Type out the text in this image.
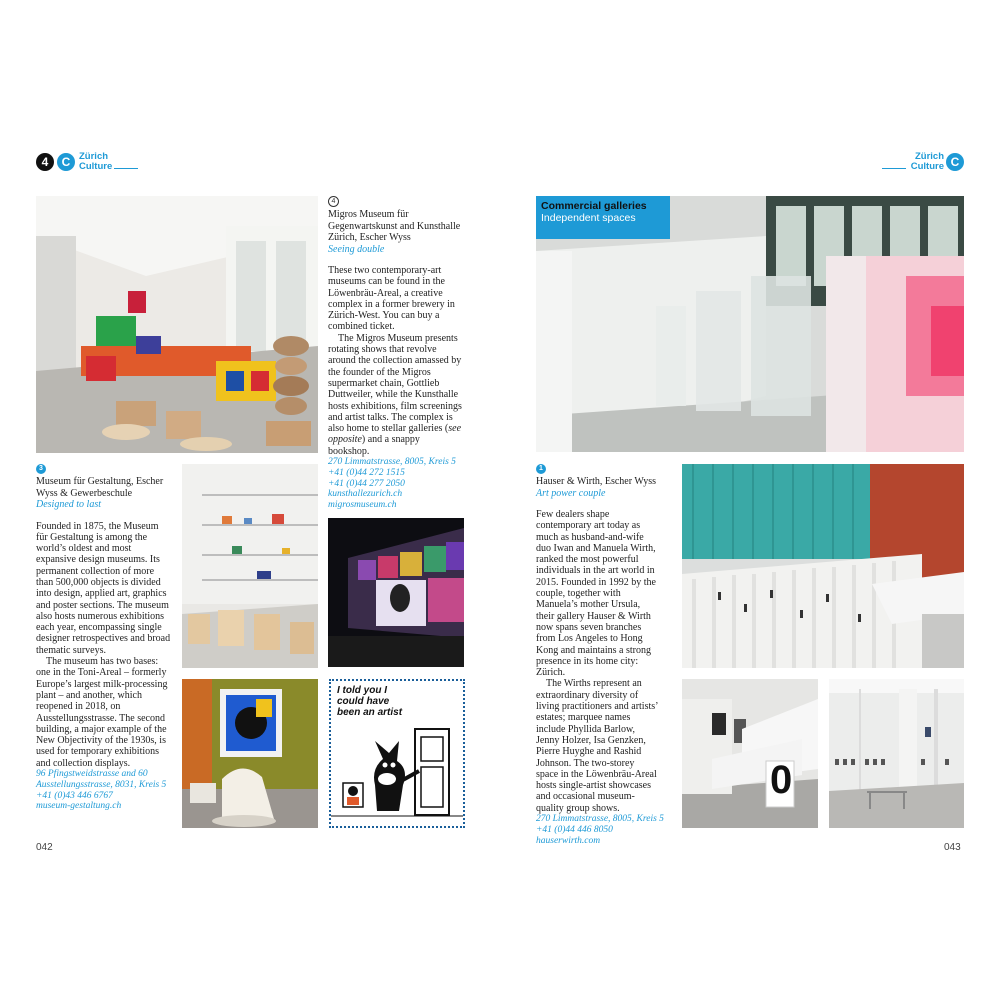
4	C Zürich
Culture
3
Museum für Gestaltung, Escher Wyss & Gewerbeschule
Designed to last
Founded in 1875, the Museum für Gestaltung is among the world’s oldest and most expansive design museums. Its permanent collection of more than 500,000 objects is divided into design, applied art, graphics and poster sections. The museum also hosts numerous exhibitions each year, encompassing single designer retrospectives and broad thematic surveys.
The museum has two bases: one in the Toni-Areal – formerly Europe’s largest milk-processing plant – and another, which reopened in 2018, on Ausstellungsstrasse. The second building, a major example of the New Objectivity of the 1930s, is used for temporary exhibitions and collection displays.
96 Pfingstweidstrasse and 60 Ausstellungsstrasse, 8031, Kreis 5
+41 (0)43 446 6767
museum-gestaltung.ch
4
Migros Museum für Gegenwartskunst and Kunsthalle Zürich, Escher Wyss
Seeing double
These two contemporary-art museums can be found in the Löwenbräu-Areal, a creative complex in a former brewery in Zürich-West. You can buy a combined ticket.
The Migros Museum presents rotating shows that revolve around the collection amassed by the founder of the Migros supermarket chain, Gottlieb Duttweiler, while the Kunsthalle hosts exhibitions, film screenings and artist talks. The complex is also home to stellar galleries (see opposite) and a snappy bookshop.
270 Limmatstrasse, 8005, Kreis 5
+41 (0)44 272 1515
+41 (0)44 277 2050
kunsthallezurich.ch
migrosmuseum.ch
I told you I could have been an artist
042
Zürich
Culture C
Commercial galleries
Independent spaces
1
Hauser & Wirth, Escher Wyss
Art power couple
Few dealers shape contemporary art today as much as husband-and-wife duo Iwan and Manuela Wirth, ranked the most powerful individuals in the art world in 2015. Founded in 1992 by the couple, together with Manuela’s mother Ursula, their gallery Hauser & Wirth now spans seven branches from Los Angeles to Hong Kong and maintains a strong presence in its home city: Zürich.
The Wirths represent an extraordinary diversity of living practitioners and artists’ estates; marquee names include Phyllida Barlow, Jenny Holzer, Isa Genzken, Pierre Huyghe and Rashid Johnson. The two-storey space in the Löwenbräu-Areal hosts single-artist showcases and occasional museum-quality group shows.
270 Limmatstrasse, 8005, Kreis 5
+41 (0)44 446 8050
hauserwirth.com
0
043
